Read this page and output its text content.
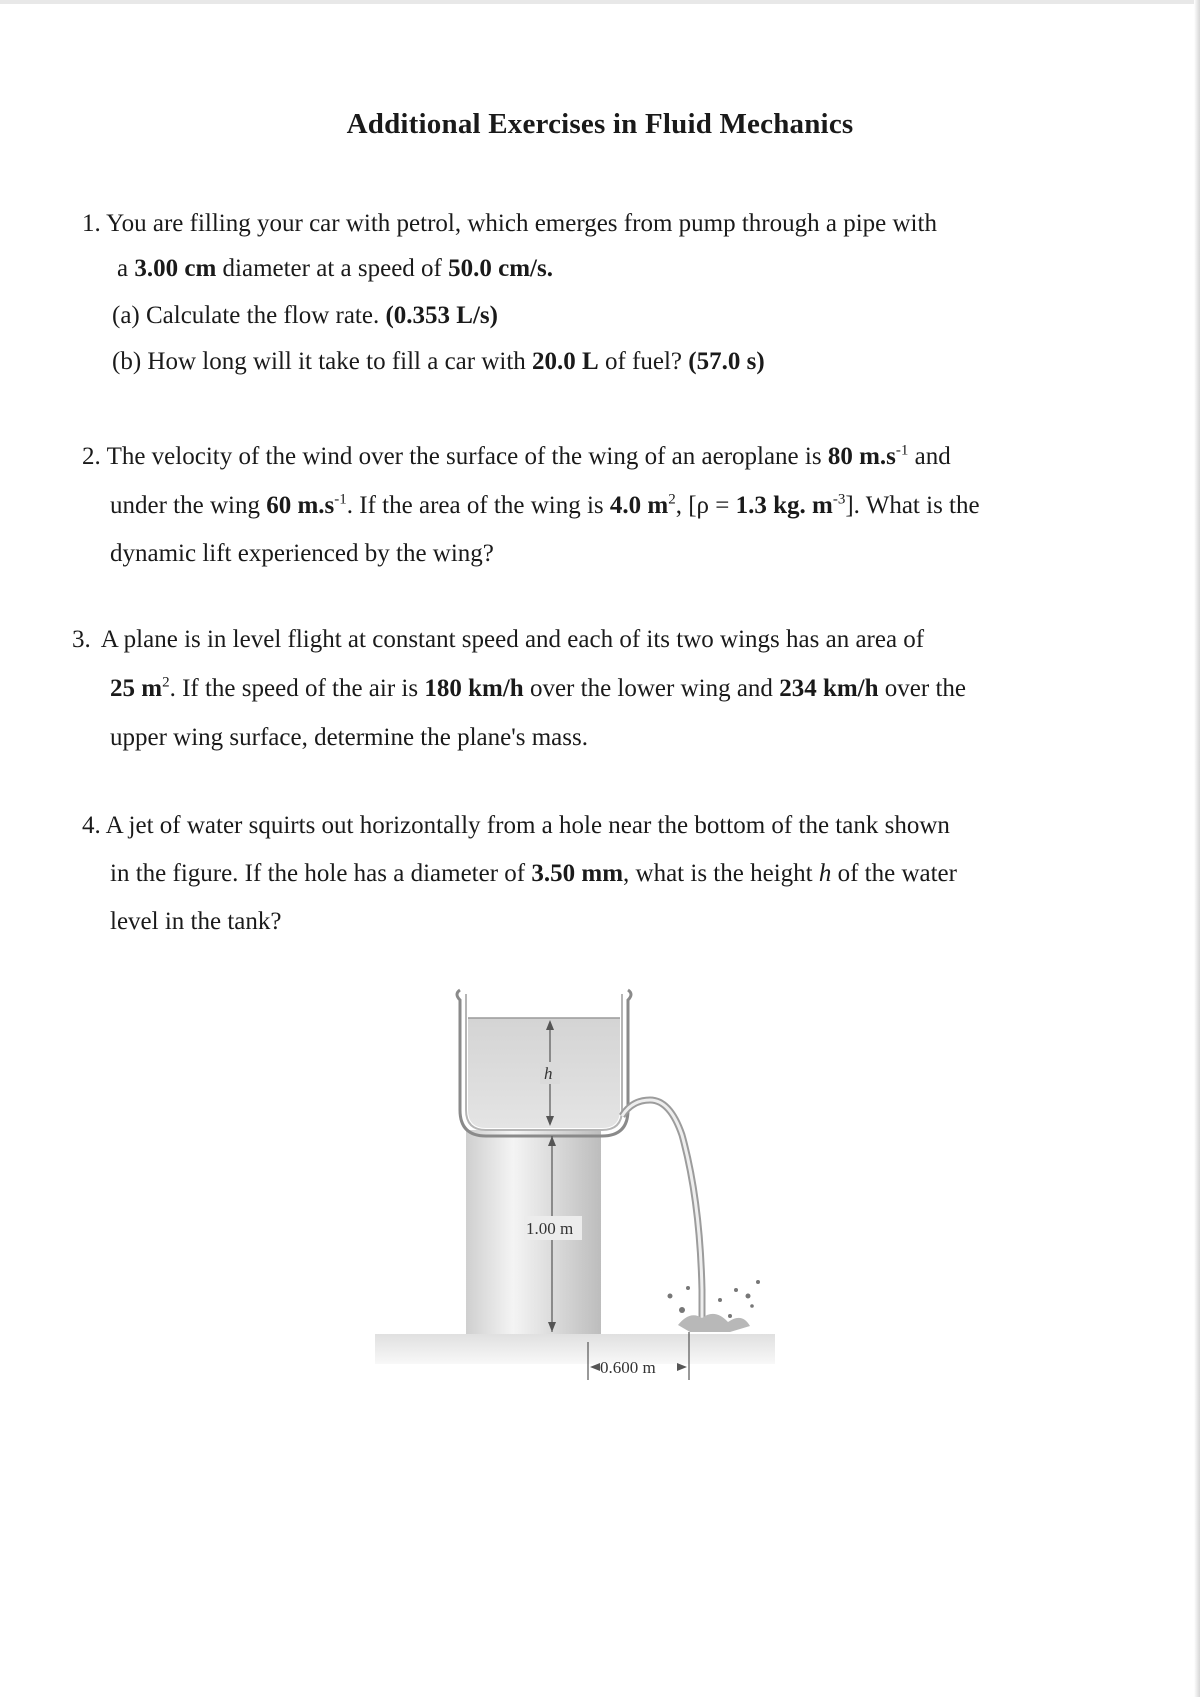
Additional Exercises in Fluid Mechanics
1. You are filling your car with petrol, which emerges from pump through a pipe with
a 3.00 cm diameter at a speed of 50.0 cm/s.
(a) Calculate the flow rate. (0.353 L/s)
(b) How long will it take to fill a car with 20.0 L of fuel? (57.0 s)
2. The velocity of the wind over the surface of the wing of an aeroplane is 80 $m.s^{-1}$ and
under the wing 60 $m.s^{-1}$. If the area of the wing is 4.0 $m^2$, [ρ = 1.3 kg. $m^{-3}$]. What is the
dynamic lift experienced by the wing?
3. A plane is in level flight at constant speed and each of its two wings has an area of
25 $m^2$. If the speed of the air is 180 km/h over the lower wing and 234 km/h over the
upper wing surface, determine the plane's mass.
4. A jet of water squirts out horizontally from a hole near the bottom of the tank shown
in the figure. If the hole has a diameter of 3.50 mm, what is the height h of the water
level in the tank?
h
1.00 m
0.600 m
